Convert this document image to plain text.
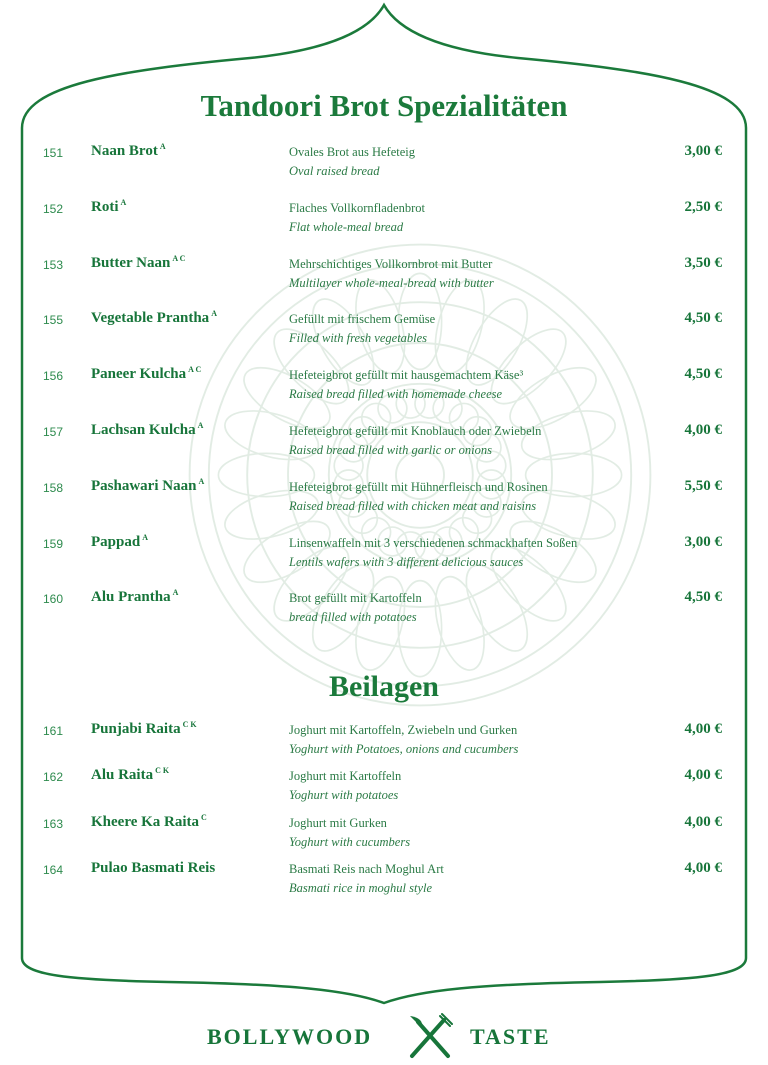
Tandoori Brot Spezialitäten
151 Naan Brot $^A$	Ovales Brot aus Hefeteig
Oval raised bread
3,00 €
152 Roti $^A$	Flaches Vollkornfladenbrot
Flat whole-meal bread
2,50 €
153 Butter Naan $^{A C}$	Mehrschichtiges Vollkornbrot mit Butter
Multilayer whole-meal-bread with butter
3,50 €
155 Vegetable Prantha $^A$	Gefüllt mit frischem Gemüse
Filled with fresh vegetables
4,50 €
156 Paneer Kulcha $^{A C}$	Hefeteigbrot gefüllt mit hausgemachtem Käse³
Raised bread filled with homemade cheese
4,50 €
157 Lachsan Kulcha $^A$	Hefeteigbrot gefüllt mit Knoblauch oder Zwiebeln
Raised bread filled with garlic or onions
4,00 €
158 Pashawari Naan $^A$	Hefeteigbrot gefüllt mit Hühnerfleisch und Rosinen
Raised bread filled with chicken meat and raisins
5,50 €
159 Pappad $^A$	Linsenwaffeln mit 3 verschiedenen schmackhaften Soßen
Lentils wafers with 3 different delicious sauces
3,00 €
160 Alu Prantha $^A$	Brot gefüllt mit Kartoffeln
bread filled with potatoes
4,50 €
Beilagen
161 Punjabi Raita $^{C K}$	Joghurt mit Kartoffeln, Zwiebeln und Gurken
Yoghurt with Potatoes, onions and cucumbers
4,00 €
162 Alu Raita $^{C K}$	Joghurt mit Kartoffeln
Yoghurt with potatoes
4,00 €
163 Kheere Ka Raita $^C$	Joghurt mit Gurken
Yoghurt with cucumbers
4,00 €
164 Pulao Basmati Reis	Basmati Reis nach Moghul Art
Basmati rice in moghul style
4,00 €
BOLLYWOOD	TASTE
